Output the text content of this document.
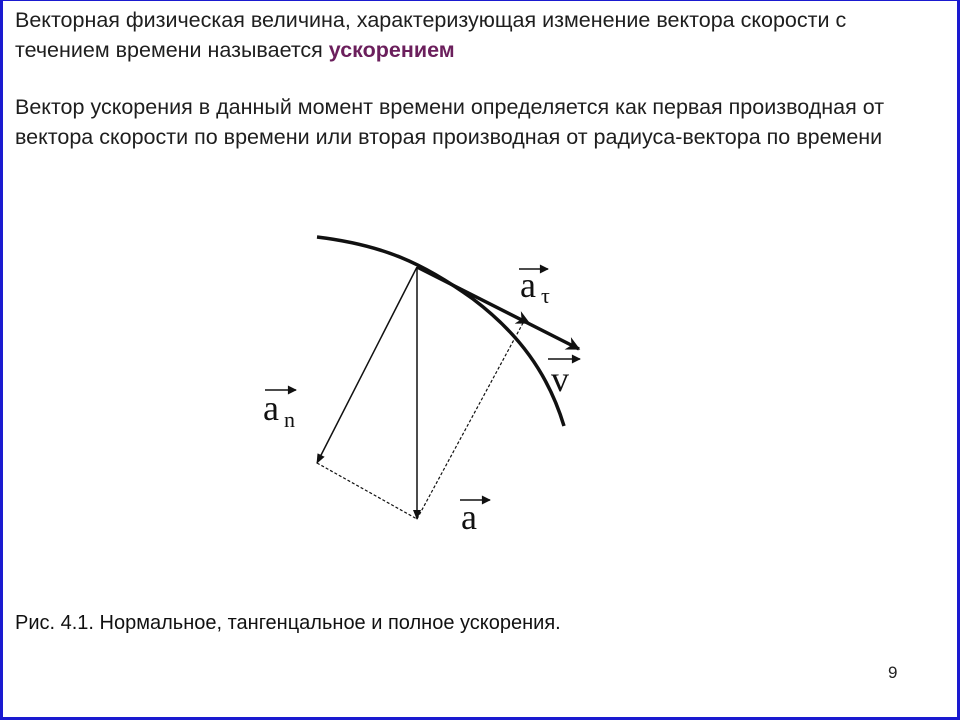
Векторная физическая величина, характеризующая изменение вектора скорости с течением времени называется ускорением

Вектор ускорения в данный момент времени определяется как первая производная от вектора скорости по времени или вторая производная от радиуса-вектора по времени

a τ
v
a n
a

Рис. 4.1. Нормальное, тангенцальное и полное ускорения.

9
